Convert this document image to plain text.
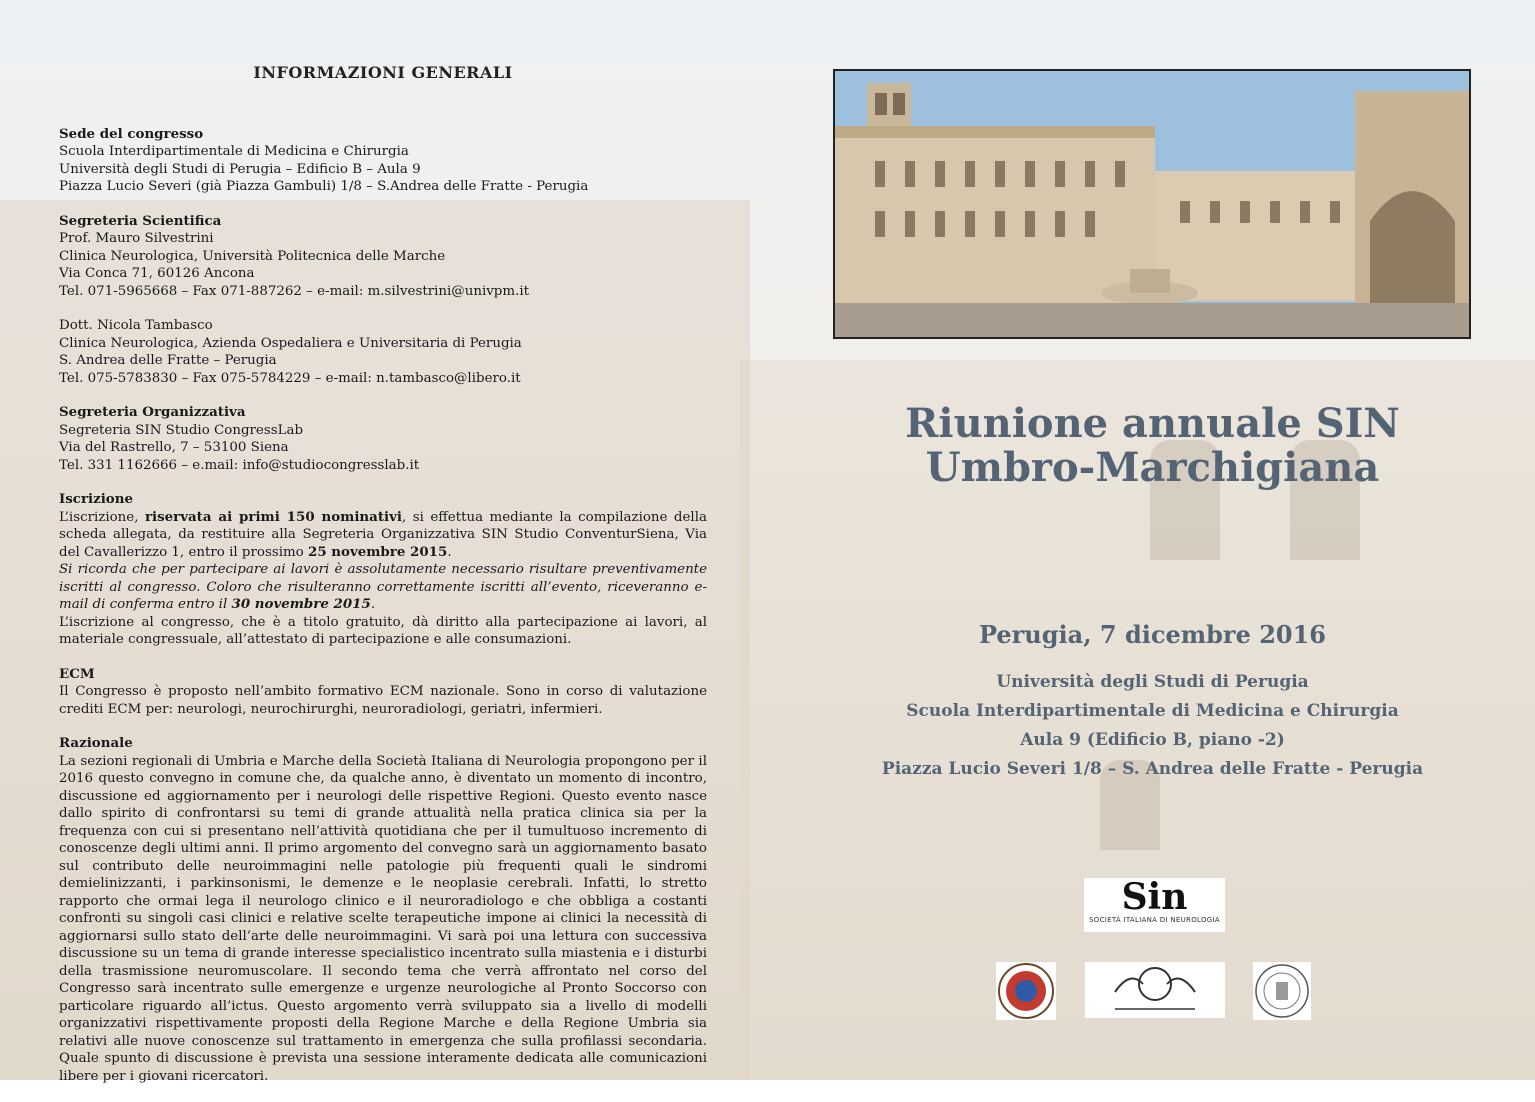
INFORMAZIONI GENERALI
Sede del congresso
Scuola Interdipartimentale di Medicina e Chirurgia
Università degli Studi di Perugia – Edificio B – Aula 9
Piazza Lucio Severi (già Piazza Gambuli) 1/8 – S.Andrea delle Fratte - Perugia
Segreteria Scientifica
Prof. Mauro Silvestrini
Clinica Neurologica, Università Politecnica delle Marche
Via Conca 71, 60126 Ancona
Tel. 071-5965668 – Fax 071-887262 – e-mail: m.silvestrini@univpm.it
Dott. Nicola Tambasco
Clinica Neurologica, Azienda Ospedaliera e Universitaria di Perugia
S. Andrea delle Fratte – Perugia
Tel. 075-5783830 – Fax 075-5784229 – e-mail: n.tambasco@libero.it
Segreteria Organizzativa
Segreteria SIN Studio CongressLab
Via del Rastrello, 7 – 53100 Siena
Tel. 331 1162666 – e.mail: info@studiocongresslab.it
Iscrizione

L’iscrizione, riservata ai primi 150 nominativi, si effettua mediante la compilazione della scheda allegata, da restituire alla Segreteria Organizzativa SIN Studio ConventurSiena, Via del Cavallerizzo 1, entro il prossimo 25 novembre 2015.

Si ricorda che per partecipare ai lavori è assolutamente necessario risultare preventivamente iscritti al congresso. Coloro che risulteranno correttamente iscritti all’evento, riceveranno e-mail di conferma entro il 30 novembre 2015.

L’iscrizione al congresso, che è a titolo gratuito, dà diritto alla partecipazione ai lavori, al materiale congressuale, all’attestato di partecipazione e alle consumazioni.

ECM

Il Congresso è proposto nell’ambito formativo ECM nazionale. Sono in corso di valutazione crediti ECM per: neurologi, neurochirurghi, neuroradiologi, geriatri, infermieri.

Razionale

La sezioni regionali di Umbria e Marche della Società Italiana di Neurologia propongono per il 2016 questo convegno in comune che, da qualche anno, è diventato un momento di incontro, discussione ed aggiornamento per i neurologi delle rispettive Regioni. Questo evento nasce dallo spirito di confrontarsi su temi di grande attualità nella pratica clinica sia per la frequenza con cui si presentano nell’attività quotidiana che per il tumultuoso incremento di conoscenze degli ultimi anni. Il primo argomento del convegno sarà un aggiornamento basato sul contributo delle neuroimmagini nelle patologie più frequenti quali le sindromi demielinizzanti, i parkinsonismi, le demenze e le neoplasie cerebrali. Infatti, lo stretto rapporto che ormai lega il neurologo clinico e il neuroradiologo e che obbliga a costanti confronti su singoli casi clinici e relative scelte terapeutiche impone ai clinici la necessità di aggiornarsi sullo stato dell’arte delle neuroimmagini. Vi sarà poi una lettura con successiva discussione su un tema di grande interesse specialistico incentrato sulla miastenia e i disturbi della trasmissione neuromuscolare. Il secondo tema che verrà affrontato nel corso del Congresso sarà incentrato sulle emergenze e urgenze neurologiche al Pronto Soccorso con particolare riguardo all’ictus. Questo argomento verrà sviluppato sia a livello di modelli organizzativi rispettivamente proposti della Regione Marche e della Regione Umbria sia relativi alle nuove conoscenze sul trattamento in emergenza che sulla profilassi secondaria. Quale spunto di discussione è prevista una sessione interamente dedicata alle comunicazioni libere per i giovani ricercatori.

Riunione annuale SIN
Umbro-Marchigiana

Perugia, 7 dicembre 2016

Università degli Studi di Perugia
Scuola Interdipartimentale di Medicina e Chirurgia
Aula 9 (Edificio B, piano -2)
Piazza Lucio Severi 1/8 – S. Andrea delle Fratte - Perugia
Sin
SOCIETÀ ITALIANA DI NEUROLOGIA
